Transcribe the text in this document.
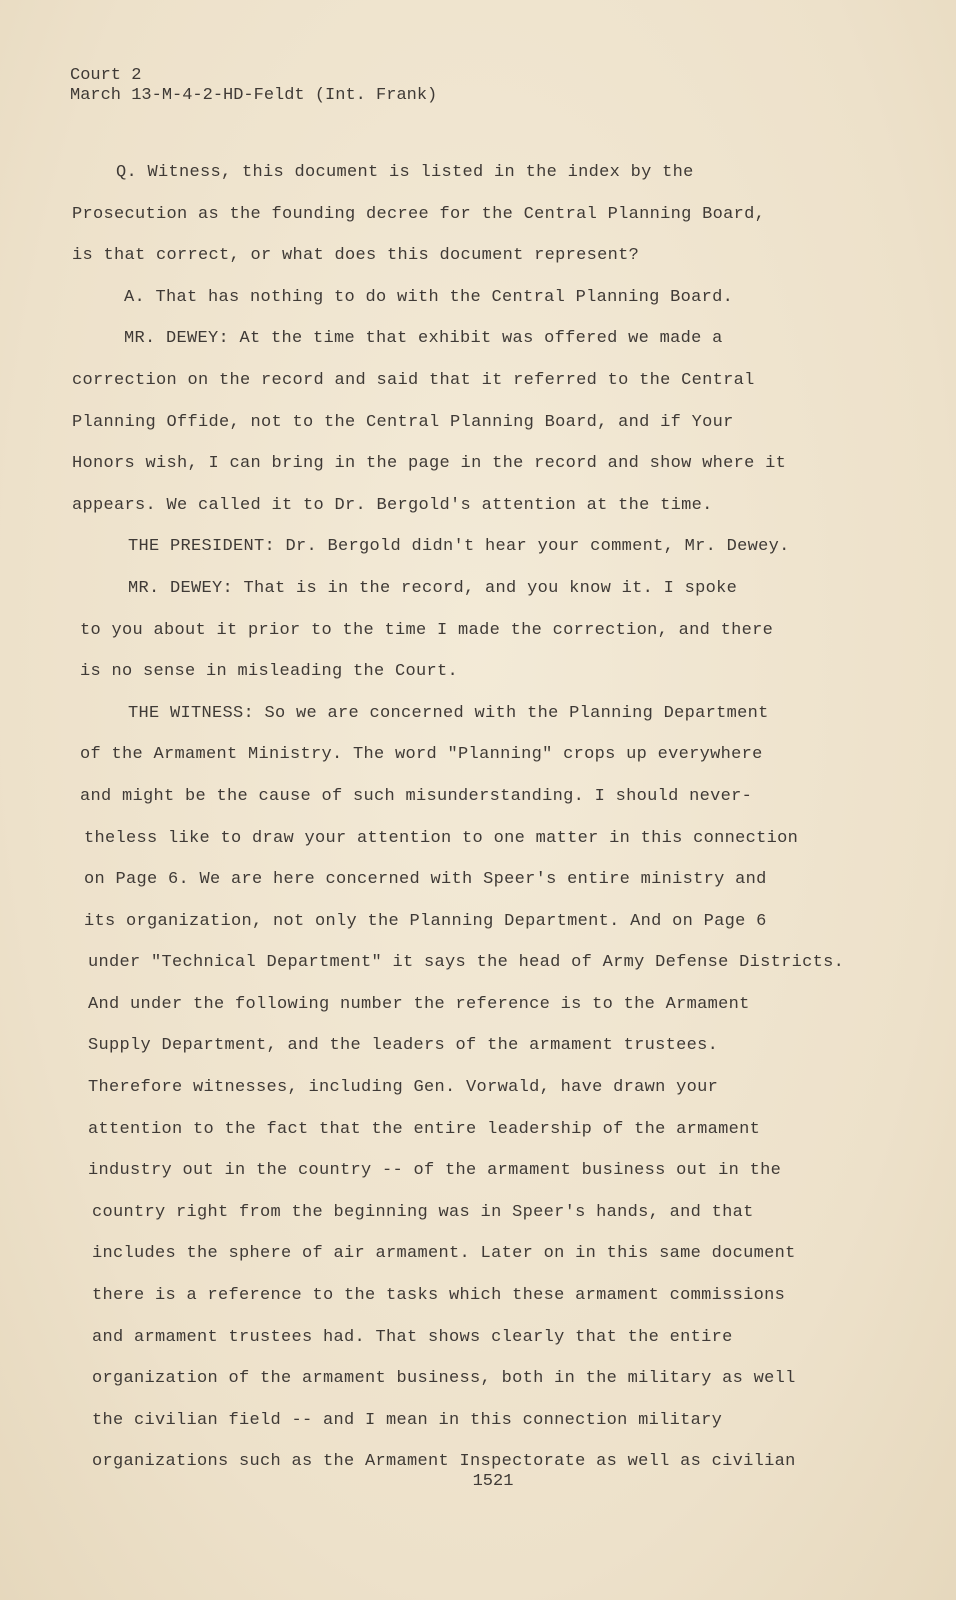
Court 2
March 13-M-4-2-HD-Feldt (Int. Frank)
Q. Witness, this document is listed in the index by the
Prosecution as the founding decree for the Central Planning Board,
is that correct, or what does this document represent?
A. That has nothing to do with the Central Planning Board.
MR. DEWEY: At the time that exhibit was offered we made a
correction on the record and said that it referred to the Central
Planning Offide, not to the Central Planning Board, and if Your
Honors wish, I can bring in the page in the record and show where it
appears. We called it to Dr. Bergold's attention at the time.
THE PRESIDENT: Dr. Bergold didn't hear your comment, Mr. Dewey.
MR. DEWEY: That is in the record, and you know it. I spoke
to you about it prior to the time I made the correction, and there
is no sense in misleading the Court.
THE WITNESS: So we are concerned with the Planning Department
of the Armament Ministry. The word "Planning" crops up everywhere
and might be the cause of such misunderstanding. I should never-
theless like to draw your attention to one matter in this connection
on Page 6. We are here concerned with Speer's entire ministry and
its organization, not only the Planning Department. And on Page 6
under "Technical Department" it says the head of Army Defense Districts.
And under the following number the reference is to the Armament
Supply Department, and the leaders of the armament trustees.
Therefore witnesses, including Gen. Vorwald, have drawn your
attention to the fact that the entire leadership of the armament
industry out in the country -- of the armament business out in the
country right from the beginning was in Speer's hands, and that
includes the sphere of air armament. Later on in this same document
there is a reference to the tasks which these armament commissions
and armament trustees had. That shows clearly that the entire
organization of the armament business, both in the military as well
the civilian field -- and I mean in this connection military
organizations such as the Armament Inspectorate as well as civilian
1521
